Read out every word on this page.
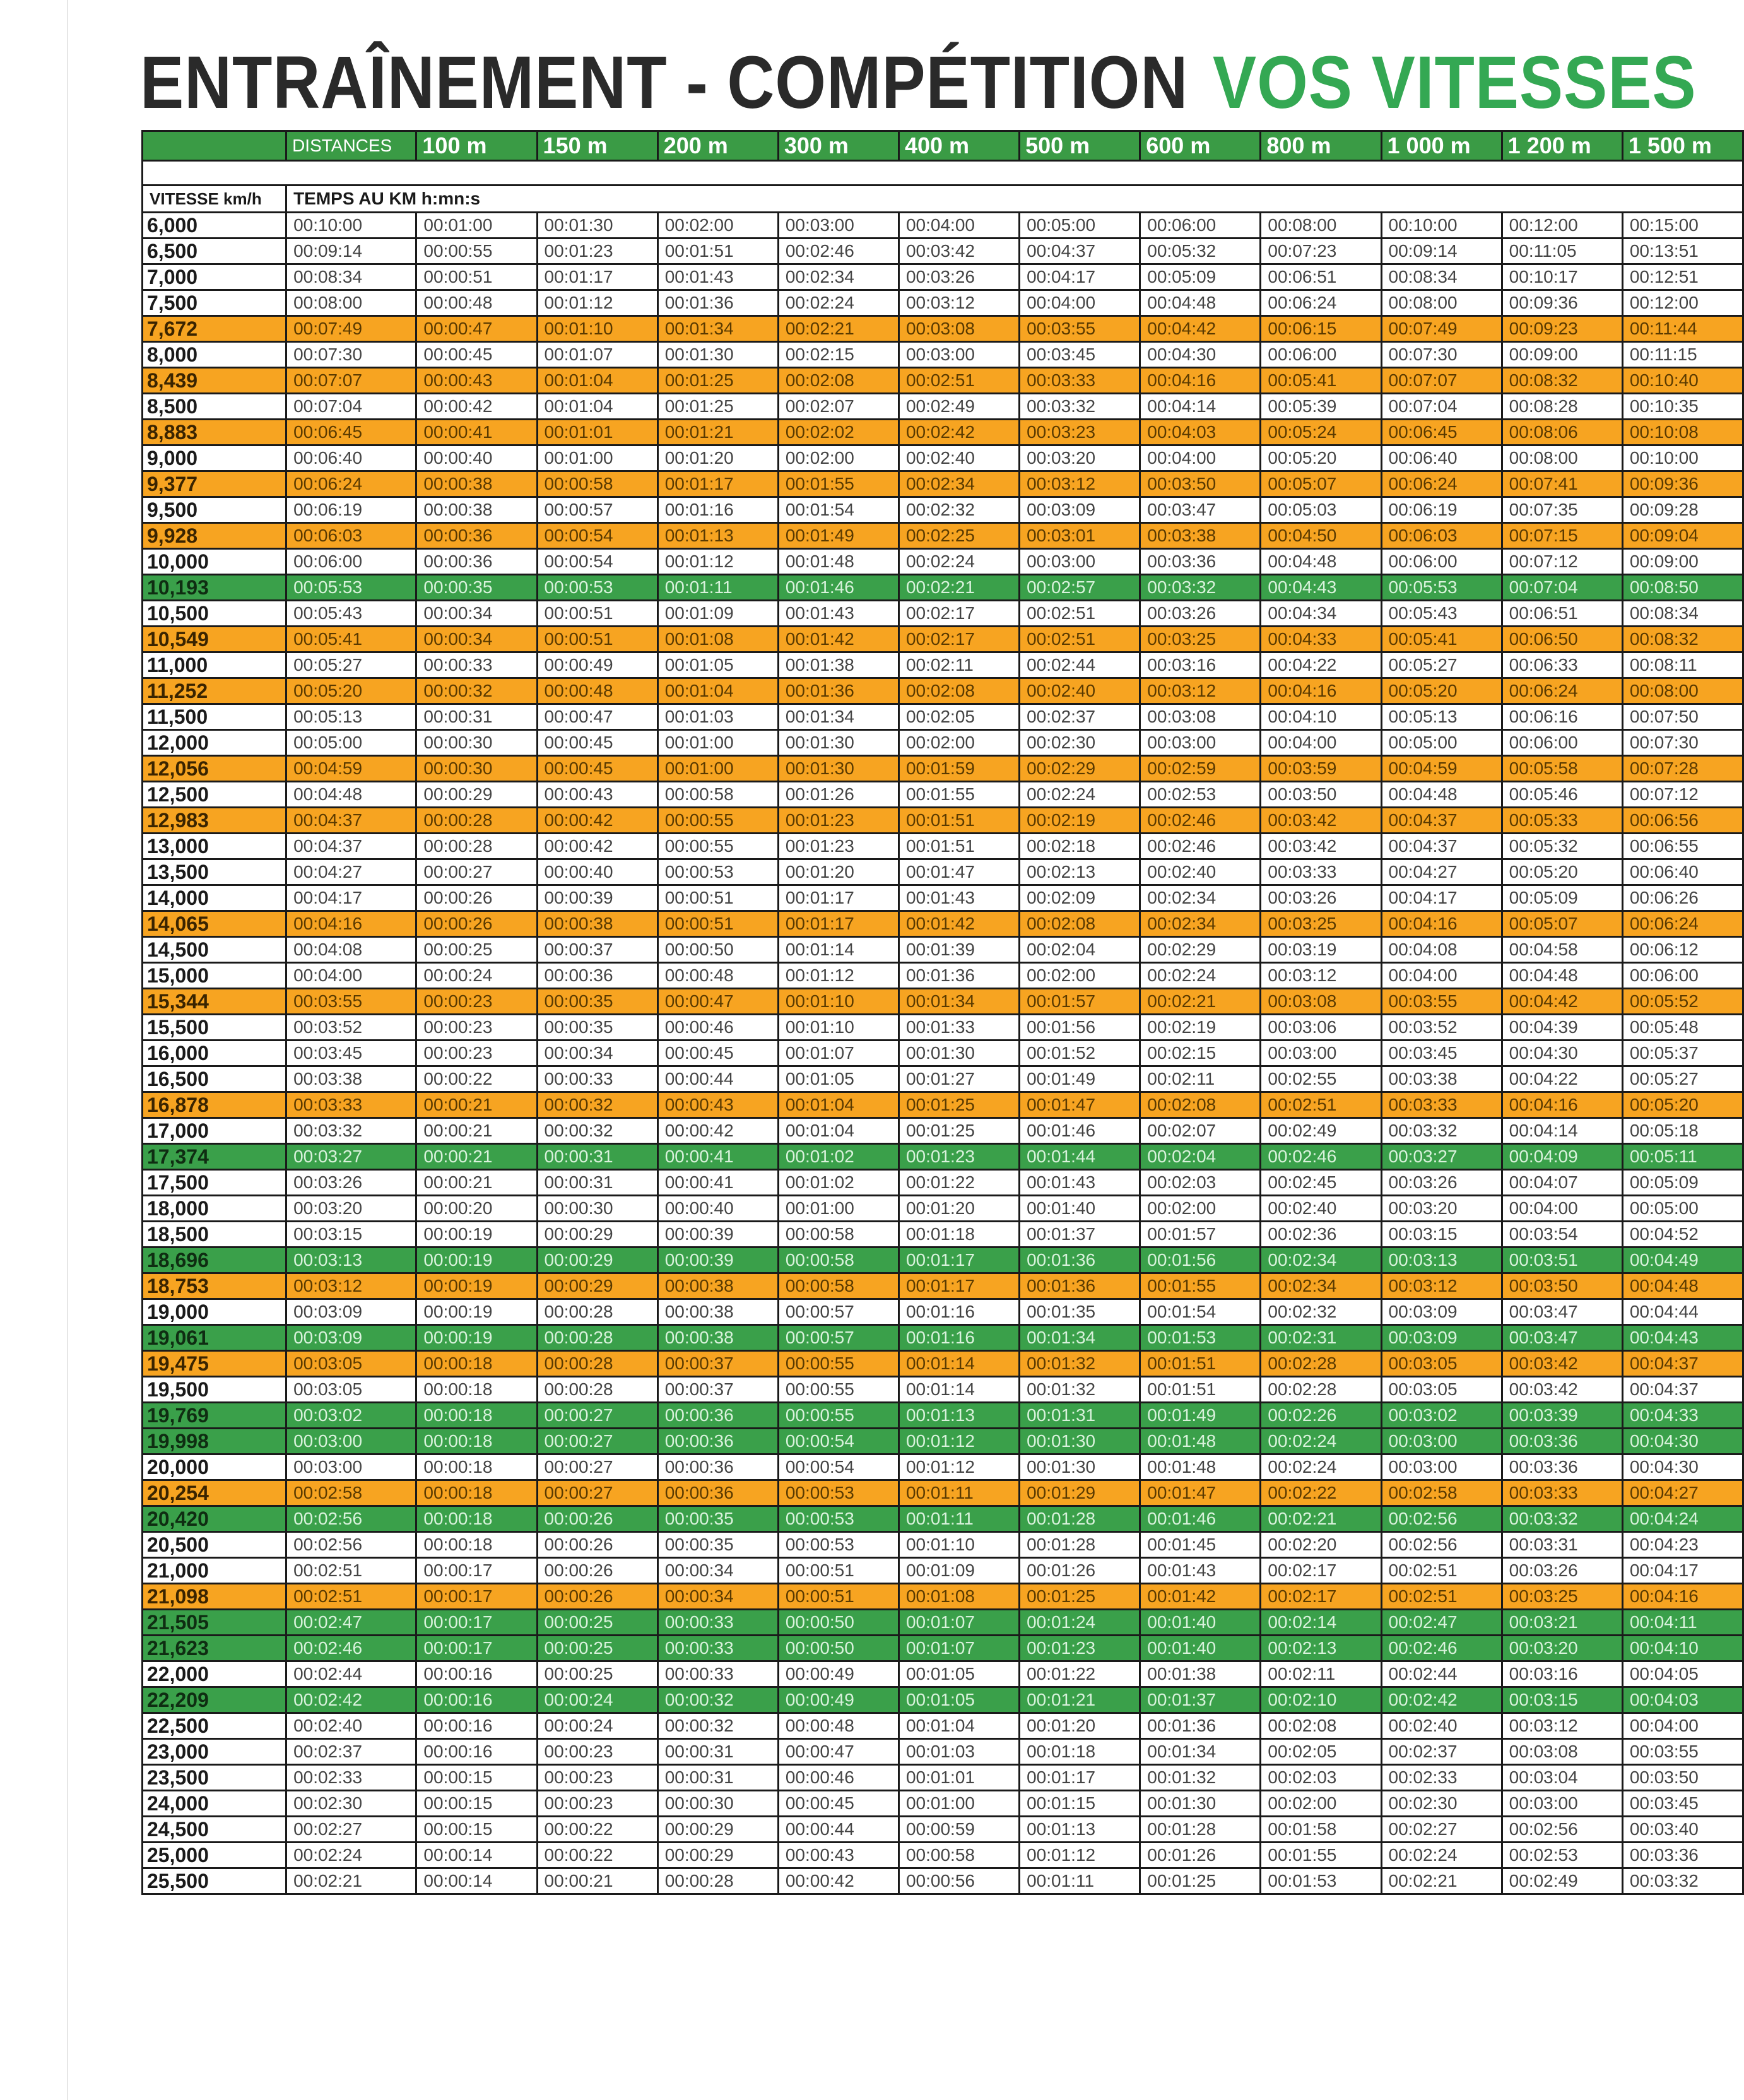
ENTRAÎNEMENT - COMPÉTITION VOS VITESSES
	DISTANCES	100 m	150 m	200 m	300 m	400 m	500 m	600 m	800 m	1 000 m	1 200 m	1 500 m

VITESSE km/h	TEMPS AU KM h:mn:s											
6,000	00:10:00	00:01:00	00:01:30	00:02:00	00:03:00	00:04:00	00:05:00	00:06:00	00:08:00	00:10:00	00:12:00	00:15:00
6,500	00:09:14	00:00:55	00:01:23	00:01:51	00:02:46	00:03:42	00:04:37	00:05:32	00:07:23	00:09:14	00:11:05	00:13:51
7,000	00:08:34	00:00:51	00:01:17	00:01:43	00:02:34	00:03:26	00:04:17	00:05:09	00:06:51	00:08:34	00:10:17	00:12:51
7,500	00:08:00	00:00:48	00:01:12	00:01:36	00:02:24	00:03:12	00:04:00	00:04:48	00:06:24	00:08:00	00:09:36	00:12:00
7,672	00:07:49	00:00:47	00:01:10	00:01:34	00:02:21	00:03:08	00:03:55	00:04:42	00:06:15	00:07:49	00:09:23	00:11:44
8,000	00:07:30	00:00:45	00:01:07	00:01:30	00:02:15	00:03:00	00:03:45	00:04:30	00:06:00	00:07:30	00:09:00	00:11:15
8,439	00:07:07	00:00:43	00:01:04	00:01:25	00:02:08	00:02:51	00:03:33	00:04:16	00:05:41	00:07:07	00:08:32	00:10:40
8,500	00:07:04	00:00:42	00:01:04	00:01:25	00:02:07	00:02:49	00:03:32	00:04:14	00:05:39	00:07:04	00:08:28	00:10:35
8,883	00:06:45	00:00:41	00:01:01	00:01:21	00:02:02	00:02:42	00:03:23	00:04:03	00:05:24	00:06:45	00:08:06	00:10:08
9,000	00:06:40	00:00:40	00:01:00	00:01:20	00:02:00	00:02:40	00:03:20	00:04:00	00:05:20	00:06:40	00:08:00	00:10:00
9,377	00:06:24	00:00:38	00:00:58	00:01:17	00:01:55	00:02:34	00:03:12	00:03:50	00:05:07	00:06:24	00:07:41	00:09:36
9,500	00:06:19	00:00:38	00:00:57	00:01:16	00:01:54	00:02:32	00:03:09	00:03:47	00:05:03	00:06:19	00:07:35	00:09:28
9,928	00:06:03	00:00:36	00:00:54	00:01:13	00:01:49	00:02:25	00:03:01	00:03:38	00:04:50	00:06:03	00:07:15	00:09:04
10,000	00:06:00	00:00:36	00:00:54	00:01:12	00:01:48	00:02:24	00:03:00	00:03:36	00:04:48	00:06:00	00:07:12	00:09:00
10,193	00:05:53	00:00:35	00:00:53	00:01:11	00:01:46	00:02:21	00:02:57	00:03:32	00:04:43	00:05:53	00:07:04	00:08:50
10,500	00:05:43	00:00:34	00:00:51	00:01:09	00:01:43	00:02:17	00:02:51	00:03:26	00:04:34	00:05:43	00:06:51	00:08:34
10,549	00:05:41	00:00:34	00:00:51	00:01:08	00:01:42	00:02:17	00:02:51	00:03:25	00:04:33	00:05:41	00:06:50	00:08:32
11,000	00:05:27	00:00:33	00:00:49	00:01:05	00:01:38	00:02:11	00:02:44	00:03:16	00:04:22	00:05:27	00:06:33	00:08:11
11,252	00:05:20	00:00:32	00:00:48	00:01:04	00:01:36	00:02:08	00:02:40	00:03:12	00:04:16	00:05:20	00:06:24	00:08:00
11,500	00:05:13	00:00:31	00:00:47	00:01:03	00:01:34	00:02:05	00:02:37	00:03:08	00:04:10	00:05:13	00:06:16	00:07:50
12,000	00:05:00	00:00:30	00:00:45	00:01:00	00:01:30	00:02:00	00:02:30	00:03:00	00:04:00	00:05:00	00:06:00	00:07:30
12,056	00:04:59	00:00:30	00:00:45	00:01:00	00:01:30	00:01:59	00:02:29	00:02:59	00:03:59	00:04:59	00:05:58	00:07:28
12,500	00:04:48	00:00:29	00:00:43	00:00:58	00:01:26	00:01:55	00:02:24	00:02:53	00:03:50	00:04:48	00:05:46	00:07:12
12,983	00:04:37	00:00:28	00:00:42	00:00:55	00:01:23	00:01:51	00:02:19	00:02:46	00:03:42	00:04:37	00:05:33	00:06:56
13,000	00:04:37	00:00:28	00:00:42	00:00:55	00:01:23	00:01:51	00:02:18	00:02:46	00:03:42	00:04:37	00:05:32	00:06:55
13,500	00:04:27	00:00:27	00:00:40	00:00:53	00:01:20	00:01:47	00:02:13	00:02:40	00:03:33	00:04:27	00:05:20	00:06:40
14,000	00:04:17	00:00:26	00:00:39	00:00:51	00:01:17	00:01:43	00:02:09	00:02:34	00:03:26	00:04:17	00:05:09	00:06:26
14,065	00:04:16	00:00:26	00:00:38	00:00:51	00:01:17	00:01:42	00:02:08	00:02:34	00:03:25	00:04:16	00:05:07	00:06:24
14,500	00:04:08	00:00:25	00:00:37	00:00:50	00:01:14	00:01:39	00:02:04	00:02:29	00:03:19	00:04:08	00:04:58	00:06:12
15,000	00:04:00	00:00:24	00:00:36	00:00:48	00:01:12	00:01:36	00:02:00	00:02:24	00:03:12	00:04:00	00:04:48	00:06:00
15,344	00:03:55	00:00:23	00:00:35	00:00:47	00:01:10	00:01:34	00:01:57	00:02:21	00:03:08	00:03:55	00:04:42	00:05:52
15,500	00:03:52	00:00:23	00:00:35	00:00:46	00:01:10	00:01:33	00:01:56	00:02:19	00:03:06	00:03:52	00:04:39	00:05:48
16,000	00:03:45	00:00:23	00:00:34	00:00:45	00:01:07	00:01:30	00:01:52	00:02:15	00:03:00	00:03:45	00:04:30	00:05:37
16,500	00:03:38	00:00:22	00:00:33	00:00:44	00:01:05	00:01:27	00:01:49	00:02:11	00:02:55	00:03:38	00:04:22	00:05:27
16,878	00:03:33	00:00:21	00:00:32	00:00:43	00:01:04	00:01:25	00:01:47	00:02:08	00:02:51	00:03:33	00:04:16	00:05:20
17,000	00:03:32	00:00:21	00:00:32	00:00:42	00:01:04	00:01:25	00:01:46	00:02:07	00:02:49	00:03:32	00:04:14	00:05:18
17,374	00:03:27	00:00:21	00:00:31	00:00:41	00:01:02	00:01:23	00:01:44	00:02:04	00:02:46	00:03:27	00:04:09	00:05:11
17,500	00:03:26	00:00:21	00:00:31	00:00:41	00:01:02	00:01:22	00:01:43	00:02:03	00:02:45	00:03:26	00:04:07	00:05:09
18,000	00:03:20	00:00:20	00:00:30	00:00:40	00:01:00	00:01:20	00:01:40	00:02:00	00:02:40	00:03:20	00:04:00	00:05:00
18,500	00:03:15	00:00:19	00:00:29	00:00:39	00:00:58	00:01:18	00:01:37	00:01:57	00:02:36	00:03:15	00:03:54	00:04:52
18,696	00:03:13	00:00:19	00:00:29	00:00:39	00:00:58	00:01:17	00:01:36	00:01:56	00:02:34	00:03:13	00:03:51	00:04:49
18,753	00:03:12	00:00:19	00:00:29	00:00:38	00:00:58	00:01:17	00:01:36	00:01:55	00:02:34	00:03:12	00:03:50	00:04:48
19,000	00:03:09	00:00:19	00:00:28	00:00:38	00:00:57	00:01:16	00:01:35	00:01:54	00:02:32	00:03:09	00:03:47	00:04:44
19,061	00:03:09	00:00:19	00:00:28	00:00:38	00:00:57	00:01:16	00:01:34	00:01:53	00:02:31	00:03:09	00:03:47	00:04:43
19,475	00:03:05	00:00:18	00:00:28	00:00:37	00:00:55	00:01:14	00:01:32	00:01:51	00:02:28	00:03:05	00:03:42	00:04:37
19,500	00:03:05	00:00:18	00:00:28	00:00:37	00:00:55	00:01:14	00:01:32	00:01:51	00:02:28	00:03:05	00:03:42	00:04:37
19,769	00:03:02	00:00:18	00:00:27	00:00:36	00:00:55	00:01:13	00:01:31	00:01:49	00:02:26	00:03:02	00:03:39	00:04:33
19,998	00:03:00	00:00:18	00:00:27	00:00:36	00:00:54	00:01:12	00:01:30	00:01:48	00:02:24	00:03:00	00:03:36	00:04:30
20,000	00:03:00	00:00:18	00:00:27	00:00:36	00:00:54	00:01:12	00:01:30	00:01:48	00:02:24	00:03:00	00:03:36	00:04:30
20,254	00:02:58	00:00:18	00:00:27	00:00:36	00:00:53	00:01:11	00:01:29	00:01:47	00:02:22	00:02:58	00:03:33	00:04:27
20,420	00:02:56	00:00:18	00:00:26	00:00:35	00:00:53	00:01:11	00:01:28	00:01:46	00:02:21	00:02:56	00:03:32	00:04:24
20,500	00:02:56	00:00:18	00:00:26	00:00:35	00:00:53	00:01:10	00:01:28	00:01:45	00:02:20	00:02:56	00:03:31	00:04:23
21,000	00:02:51	00:00:17	00:00:26	00:00:34	00:00:51	00:01:09	00:01:26	00:01:43	00:02:17	00:02:51	00:03:26	00:04:17
21,098	00:02:51	00:00:17	00:00:26	00:00:34	00:00:51	00:01:08	00:01:25	00:01:42	00:02:17	00:02:51	00:03:25	00:04:16
21,505	00:02:47	00:00:17	00:00:25	00:00:33	00:00:50	00:01:07	00:01:24	00:01:40	00:02:14	00:02:47	00:03:21	00:04:11
21,623	00:02:46	00:00:17	00:00:25	00:00:33	00:00:50	00:01:07	00:01:23	00:01:40	00:02:13	00:02:46	00:03:20	00:04:10
22,000	00:02:44	00:00:16	00:00:25	00:00:33	00:00:49	00:01:05	00:01:22	00:01:38	00:02:11	00:02:44	00:03:16	00:04:05
22,209	00:02:42	00:00:16	00:00:24	00:00:32	00:00:49	00:01:05	00:01:21	00:01:37	00:02:10	00:02:42	00:03:15	00:04:03
22,500	00:02:40	00:00:16	00:00:24	00:00:32	00:00:48	00:01:04	00:01:20	00:01:36	00:02:08	00:02:40	00:03:12	00:04:00
23,000	00:02:37	00:00:16	00:00:23	00:00:31	00:00:47	00:01:03	00:01:18	00:01:34	00:02:05	00:02:37	00:03:08	00:03:55
23,500	00:02:33	00:00:15	00:00:23	00:00:31	00:00:46	00:01:01	00:01:17	00:01:32	00:02:03	00:02:33	00:03:04	00:03:50
24,000	00:02:30	00:00:15	00:00:23	00:00:30	00:00:45	00:01:00	00:01:15	00:01:30	00:02:00	00:02:30	00:03:00	00:03:45
24,500	00:02:27	00:00:15	00:00:22	00:00:29	00:00:44	00:00:59	00:01:13	00:01:28	00:01:58	00:02:27	00:02:56	00:03:40
25,000	00:02:24	00:00:14	00:00:22	00:00:29	00:00:43	00:00:58	00:01:12	00:01:26	00:01:55	00:02:24	00:02:53	00:03:36
25,500	00:02:21	00:00:14	00:00:21	00:00:28	00:00:42	00:00:56	00:01:11	00:01:25	00:01:53	00:02:21	00:02:49	00:03:32
